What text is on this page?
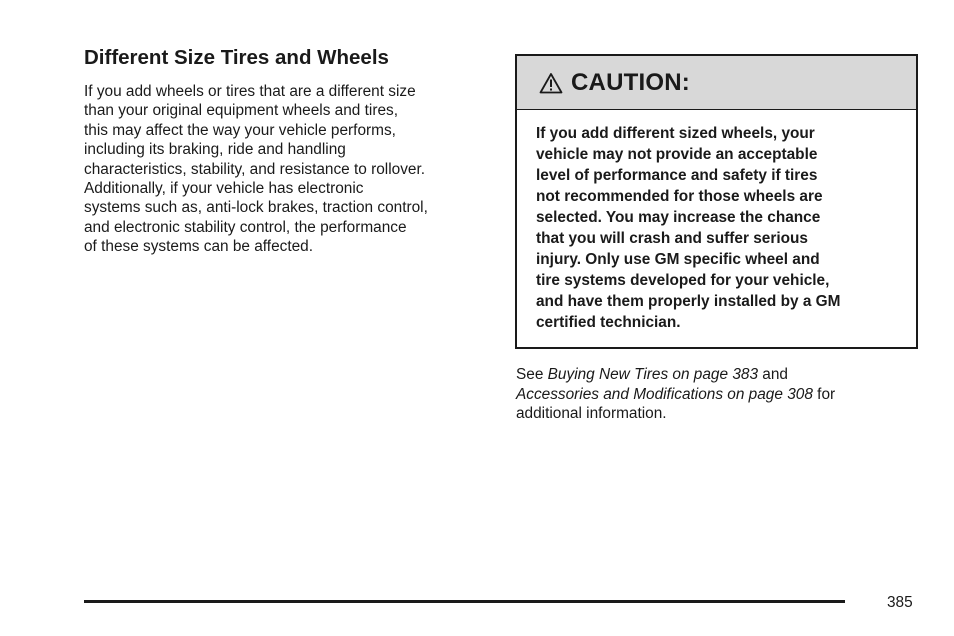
Different Size Tires and Wheels
If you add wheels or tires that are a different size
than your original equipment wheels and tires,
this may affect the way your vehicle performs,
including its braking, ride and handling
characteristics, stability, and resistance to rollover.
Additionally, if your vehicle has electronic
systems such as, anti-lock brakes, traction control,
and electronic stability control, the performance
of these systems can be affected.
CAUTION:
If you add different sized wheels, your
vehicle may not provide an acceptable
level of performance and safety if tires
not recommended for those wheels are
selected. You may increase the chance
that you will crash and suffer serious
injury. Only use GM specific wheel and
tire systems developed for your vehicle,
and have them properly installed by a GM
certified technician.
See Buying New Tires on page 383 and
Accessories and Modifications on page 308 for
additional information.
385
